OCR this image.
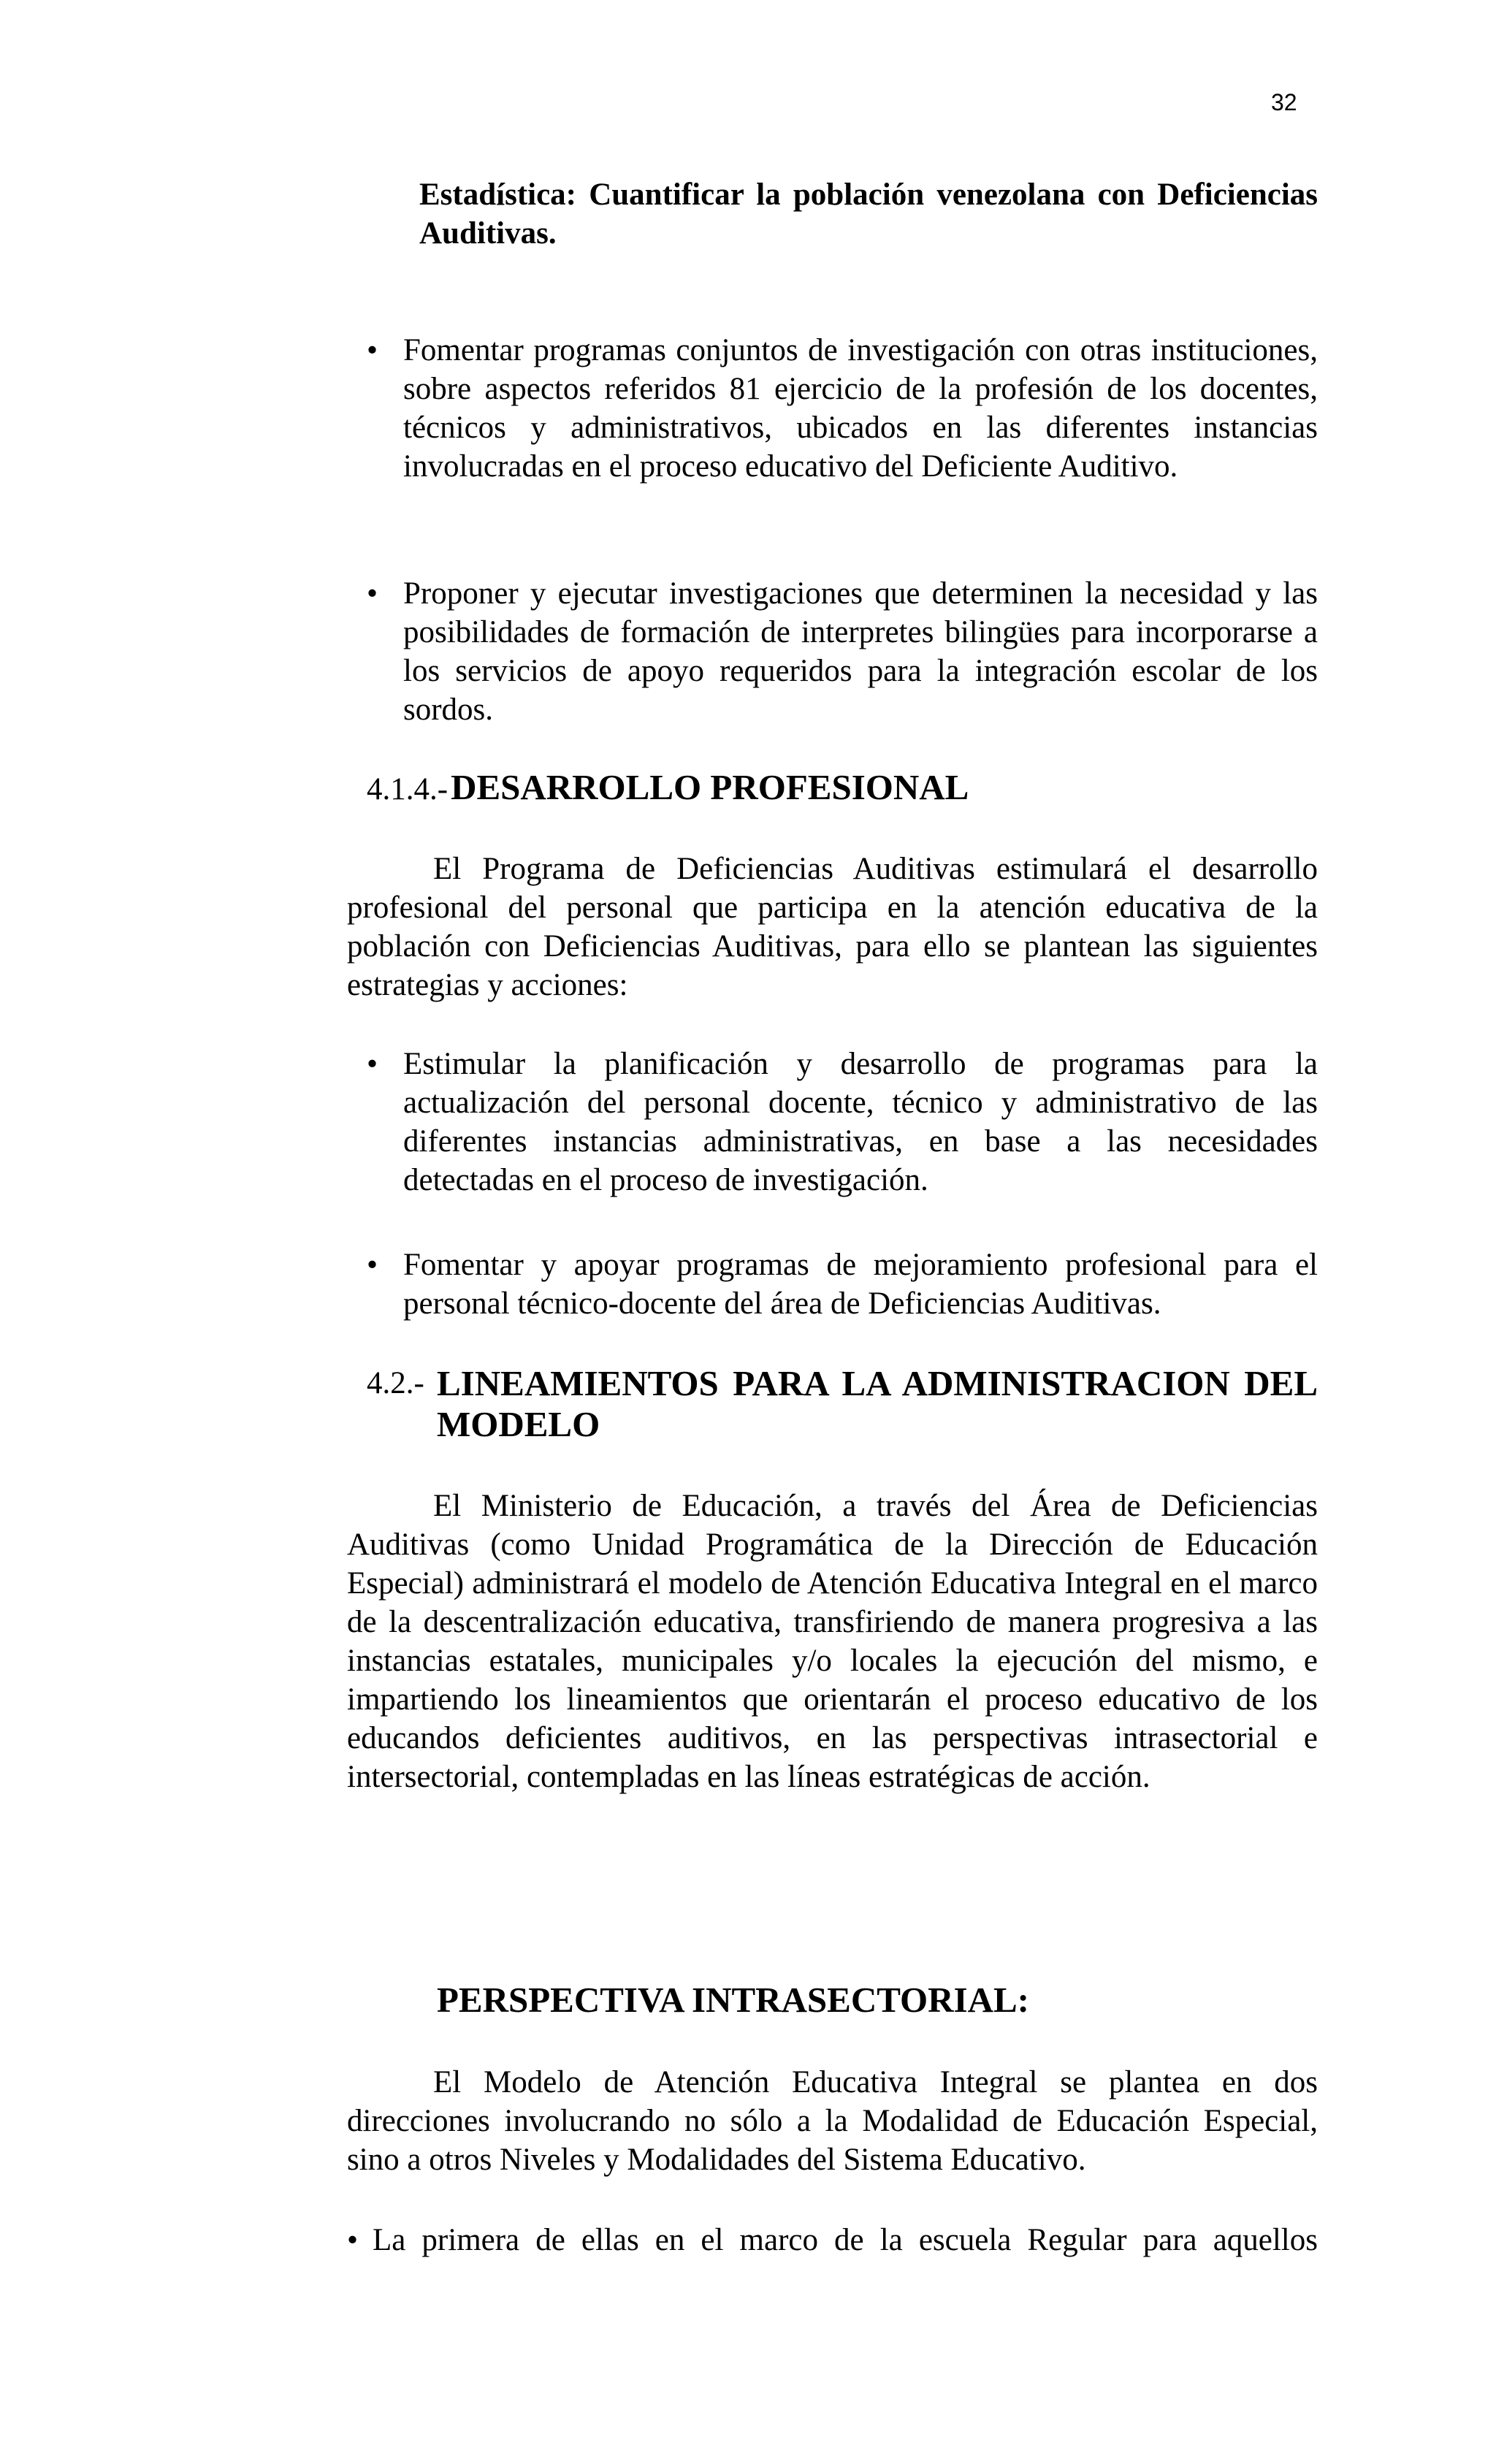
32

Estadística: Cuantificar la población venezolana con Deficiencias Auditivas.

• Fomentar programas conjuntos de investigación con otras instituciones, sobre aspectos referidos 81 ejercicio de la profesión de los docentes, técnicos y administrativos, ubicados en las diferentes instancias involucradas en el proceso educativo del Deficiente Auditivo.

• Proponer y ejecutar investigaciones que determinen la necesidad y las posibilidades de formación de interpretes bilingües para incorporarse a los servicios de apoyo requeridos para la integración escolar de los sordos.

4.1.4.- DESARROLLO PROFESIONAL

El Programa de Deficiencias Auditivas estimulará el desarrollo profesional del personal que participa en la atención educativa de la población con Deficiencias Auditivas, para ello se plantean las siguientes estrategias y acciones:

• Estimular la planificación y desarrollo de programas para la actualización del personal docente, técnico y administrativo de las diferentes instancias administrativas, en base a las necesidades detectadas en el proceso de investigación.

• Fomentar y apoyar programas de mejoramiento profesional para el personal técnico-docente del área de Deficiencias Auditivas.

4.2.- LINEAMIENTOS PARA LA ADMINISTRACION DEL MODELO

El Ministerio de Educación, a través del Área de Deficiencias Auditivas (como Unidad Programática de la Dirección de Educación Especial) administrará el modelo de Atención Educativa Integral en el marco de la descentralización educativa, transfiriendo de manera progresiva a las instancias estatales, municipales y/o locales la ejecución del mismo, e impartiendo los lineamientos que orientarán el proceso educativo de los educandos deficientes auditivos, en las perspectivas intrasectorial e intersectorial, contempladas en las líneas estratégicas de acción.

PERSPECTIVA INTRASECTORIAL:

El Modelo de Atención Educativa Integral se plantea en dos direcciones involucrando no sólo a la Modalidad de Educación Especial, sino a otros Niveles y Modalidades del Sistema Educativo.

• La primera de ellas en el marco de la escuela Regular para aquellos
